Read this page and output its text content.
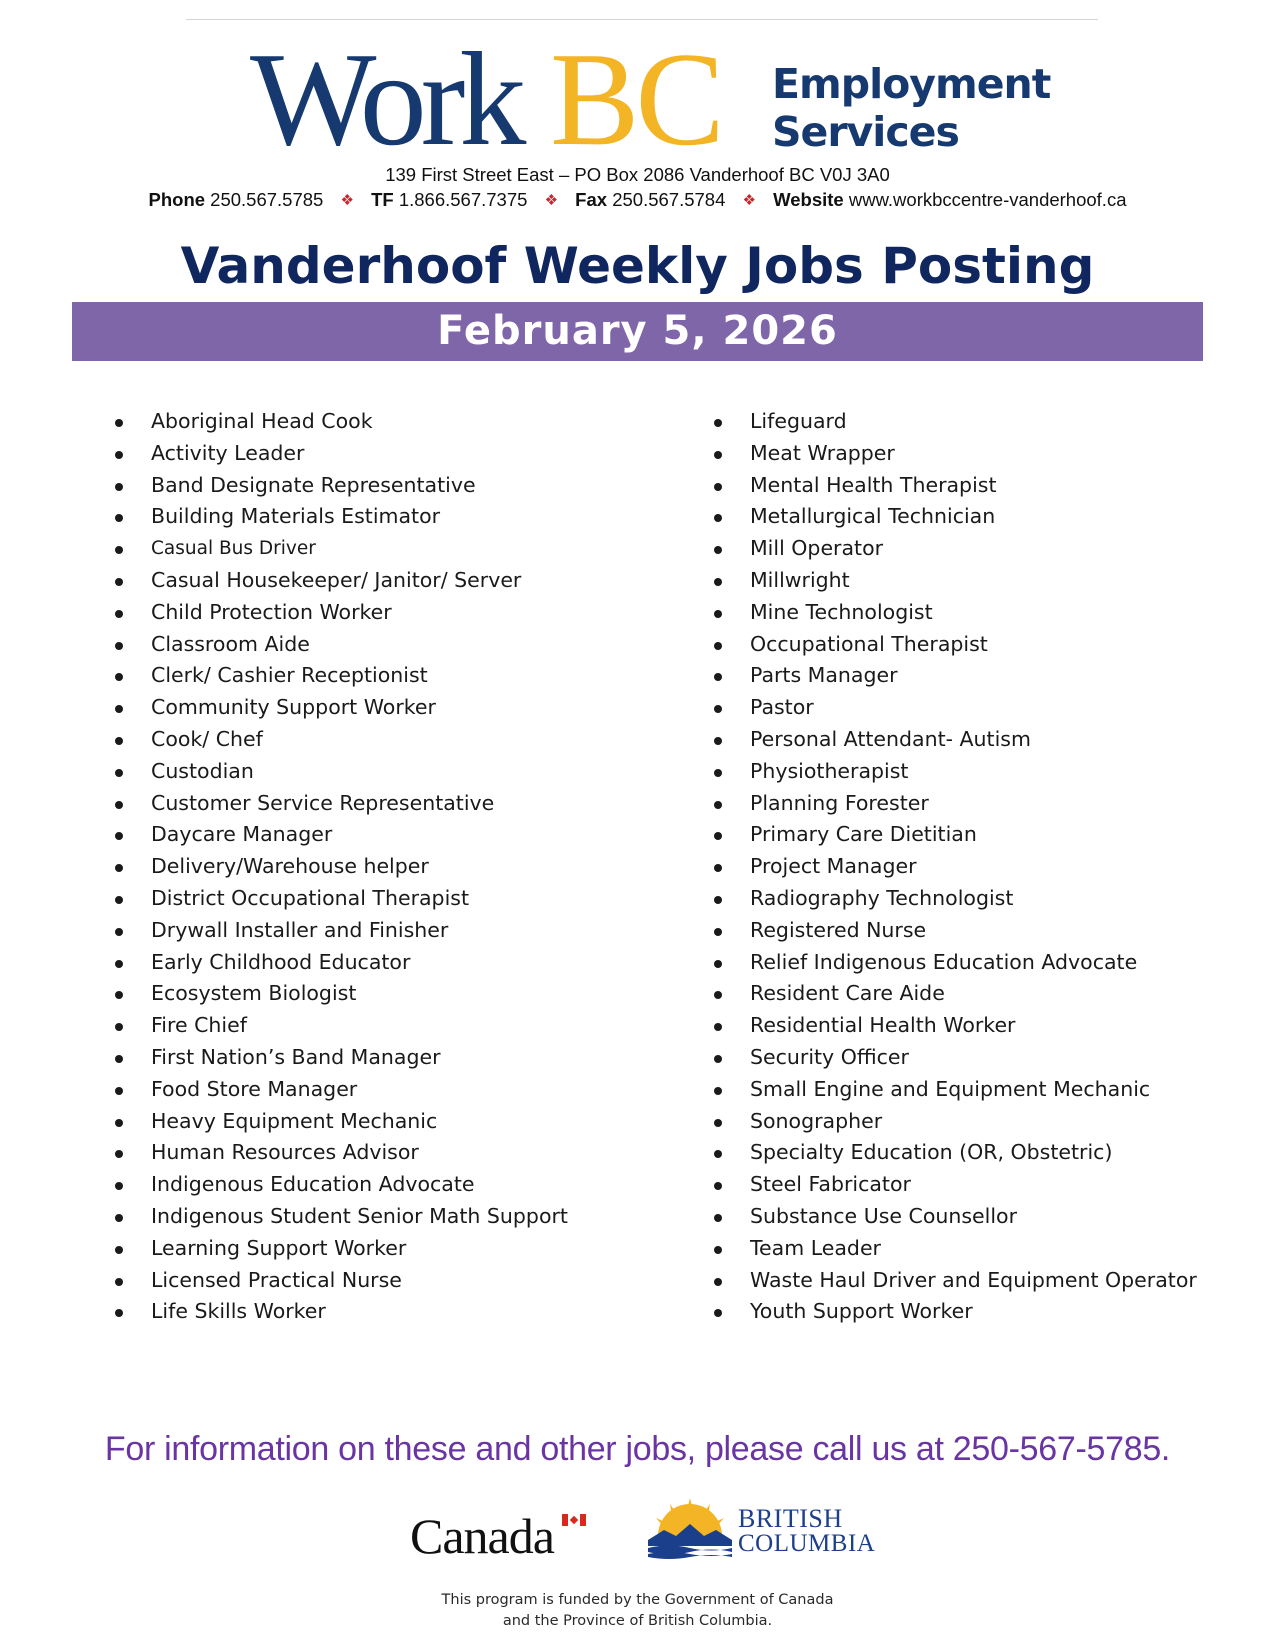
Work BC Employment
Services
139 First Street East – PO Box 2086 Vanderhoof BC V0J 3A0
Phone 250.567.5785 ❖ TF 1.866.567.7375 ❖ Fax 250.567.5784 ❖ Website www.workbccentre-vanderhoof.ca
Vanderhoof Weekly Jobs Posting
February 5, 2026
Aboriginal Head Cook
Activity Leader
Band Designate Representative
Building Materials Estimator
Casual Bus Driver
Casual Housekeeper/ Janitor/ Server
Child Protection Worker
Classroom Aide
Clerk/ Cashier Receptionist
Community Support Worker
Cook/ Chef
Custodian
Customer Service Representative
Daycare Manager
Delivery/Warehouse helper
District Occupational Therapist
Drywall Installer and Finisher
Early Childhood Educator
Ecosystem Biologist
Fire Chief
First Nation’s Band Manager
Food Store Manager
Heavy Equipment Mechanic
Human Resources Advisor
Indigenous Education Advocate
Indigenous Student Senior Math Support
Learning Support Worker
Licensed Practical Nurse
Life Skills Worker
Lifeguard
Meat Wrapper
Mental Health Therapist
Metallurgical Technician
Mill Operator
Millwright
Mine Technologist
Occupational Therapist
Parts Manager
Pastor
Personal Attendant- Autism
Physiotherapist
Planning Forester
Primary Care Dietitian
Project Manager
Radiography Technologist
Registered Nurse
Relief Indigenous Education Advocate
Resident Care Aide
Residential Health Worker
Security Officer
Small Engine and Equipment Mechanic
Sonographer
Specialty Education (OR, Obstetric)
Steel Fabricator
Substance Use Counsellor
Team Leader
Waste Haul Driver and Equipment Operator
Youth Support Worker
For information on these and other jobs, please call us at 250-567-5785.
Canada	BRITISH
COLUMBIA
This program is funded by the Government of Canada
and the Province of British Columbia.
